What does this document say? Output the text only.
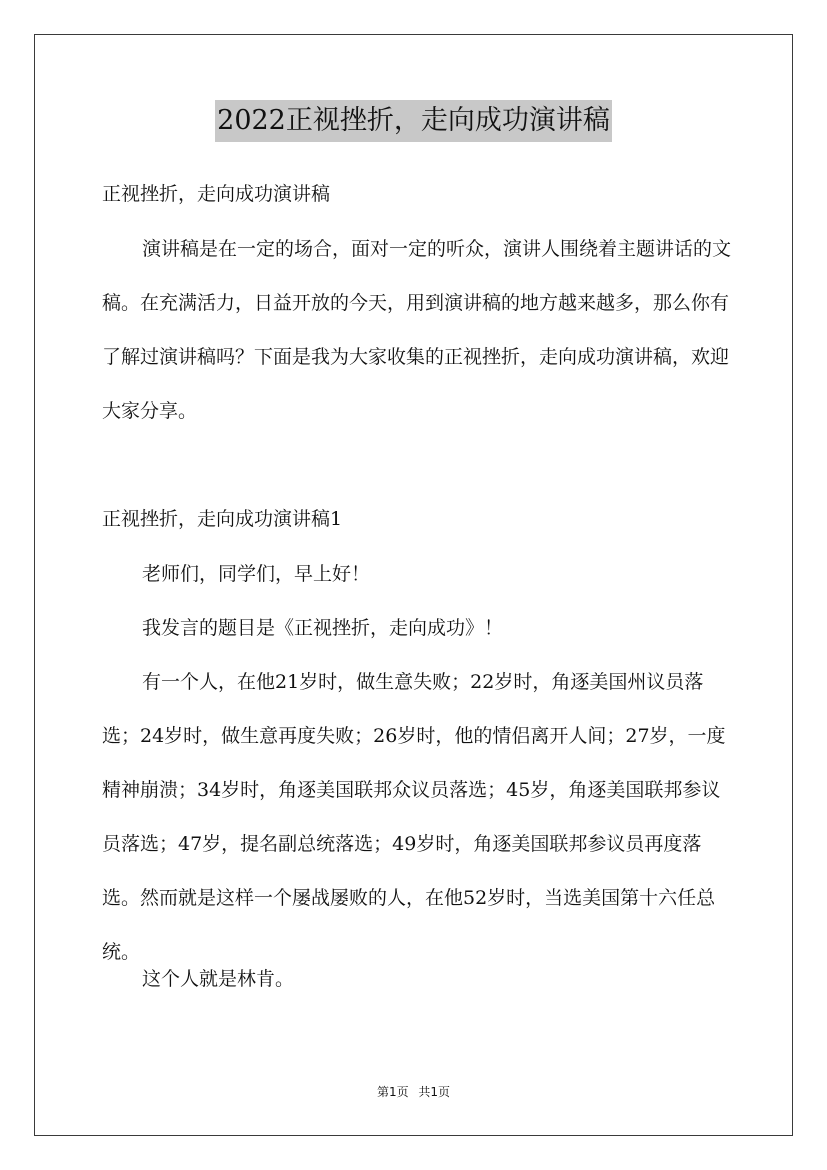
2022正视挫折，走向成功演讲稿

正视挫折，走向成功演讲稿

演讲稿是在一定的场合，面对一定的听众，演讲人围绕着主题讲话的文稿。在充满活力，日益开放的今天，用到演讲稿的地方越来越多，那么你有了解过演讲稿吗？下面是我为大家收集的正视挫折，走向成功演讲稿，欢迎大家分享。

正视挫折，走向成功演讲稿1

老师们，同学们，早上好！

我发言的题目是《正视挫折，走向成功》！

有一个人，在他21岁时，做生意失败；22岁时，角逐美国州议员落选；24岁时，做生意再度失败；26岁时，他的情侣离开人间；27岁，一度精神崩溃；34岁时，角逐美国联邦众议员落选；45岁，角逐美国联邦参议员落选；47岁，提名副总统落选；49岁时，角逐美国联邦参议员再度落选。然而就是这样一个屡战屡败的人，在他52岁时，当选美国第十六任总统。

这个人就是林肯。

第1页 共1页
